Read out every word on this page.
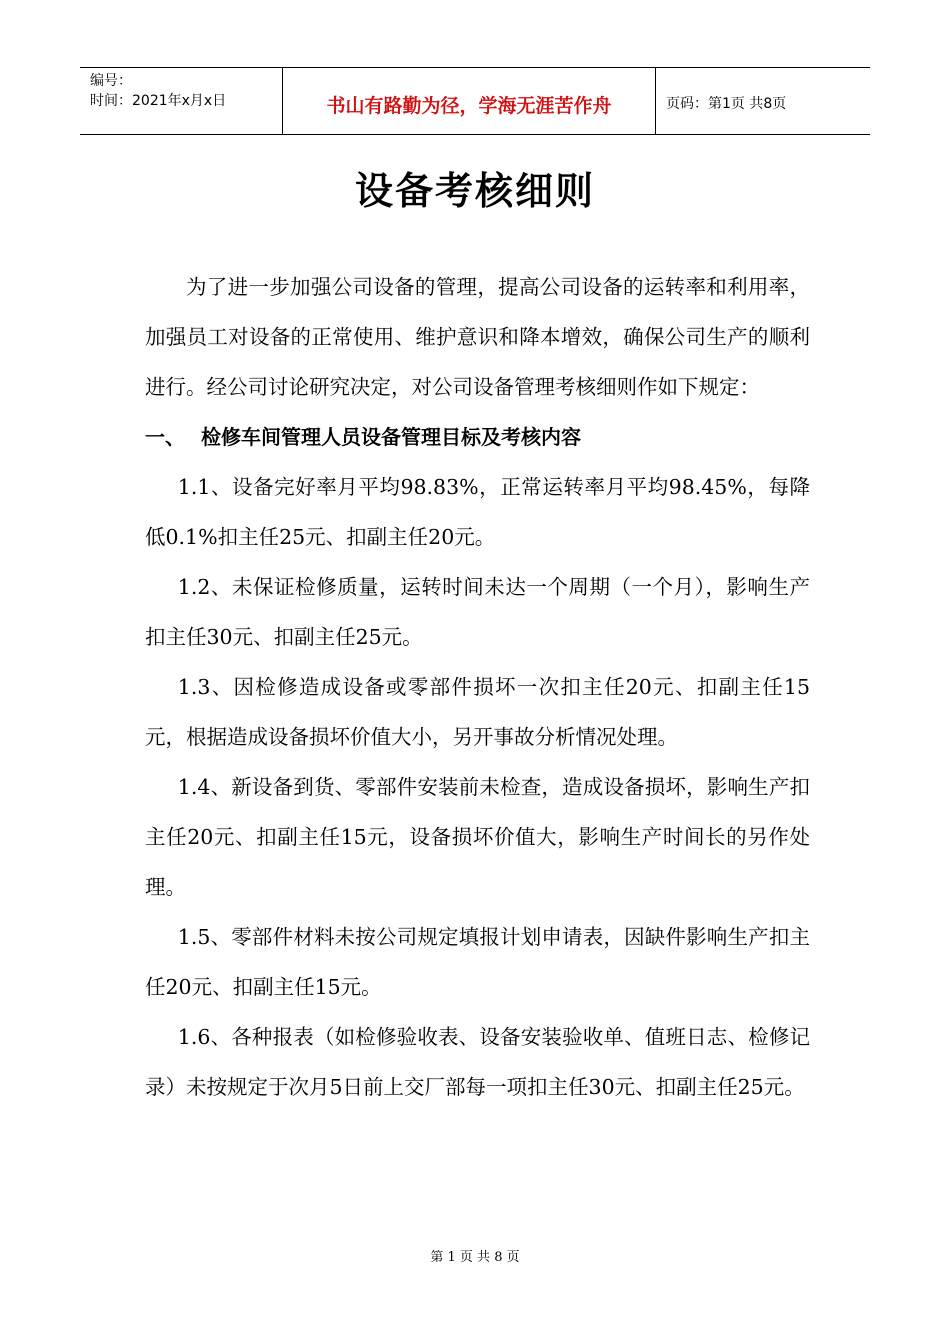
编号：
时间：2021年x月x日	书山有路勤为径，学海无涯苦作舟	页码：第1页 共8页
设备考核细则

为了进一步加强公司设备的管理，提高公司设备的运转率和利用率，加强员工对设备的正常使用、维护意识和降本增效，确保公司生产的顺利进行。经公司讨论研究决定，对公司设备管理考核细则作如下规定：

一、 检修车间管理人员设备管理目标及考核内容

1.1、设备完好率月平均98.83%，正常运转率月平均98.45%，每降低0.1%扣主任25元、扣副主任20元。

1.2、未保证检修质量，运转时间未达一个周期（一个月），影响生产扣主任30元、扣副主任25元。

1.3、因检修造成设备或零部件损坏一次扣主任20元、扣副主任15元，根据造成设备损坏价值大小，另开事故分析情况处理。

1.4、新设备到货、零部件安装前未检查，造成设备损坏，影响生产扣主任20元、扣副主任15元，设备损坏价值大，影响生产时间长的另作处理。

1.5、零部件材料未按公司规定填报计划申请表，因缺件影响生产扣主任20元、扣副主任15元。

1.6、各种报表（如检修验收表、设备安装验收单、值班日志、检修记录）未按规定于次月5日前上交厂部每一项扣主任30元、扣副主任25元。

第 1 页 共 8 页
